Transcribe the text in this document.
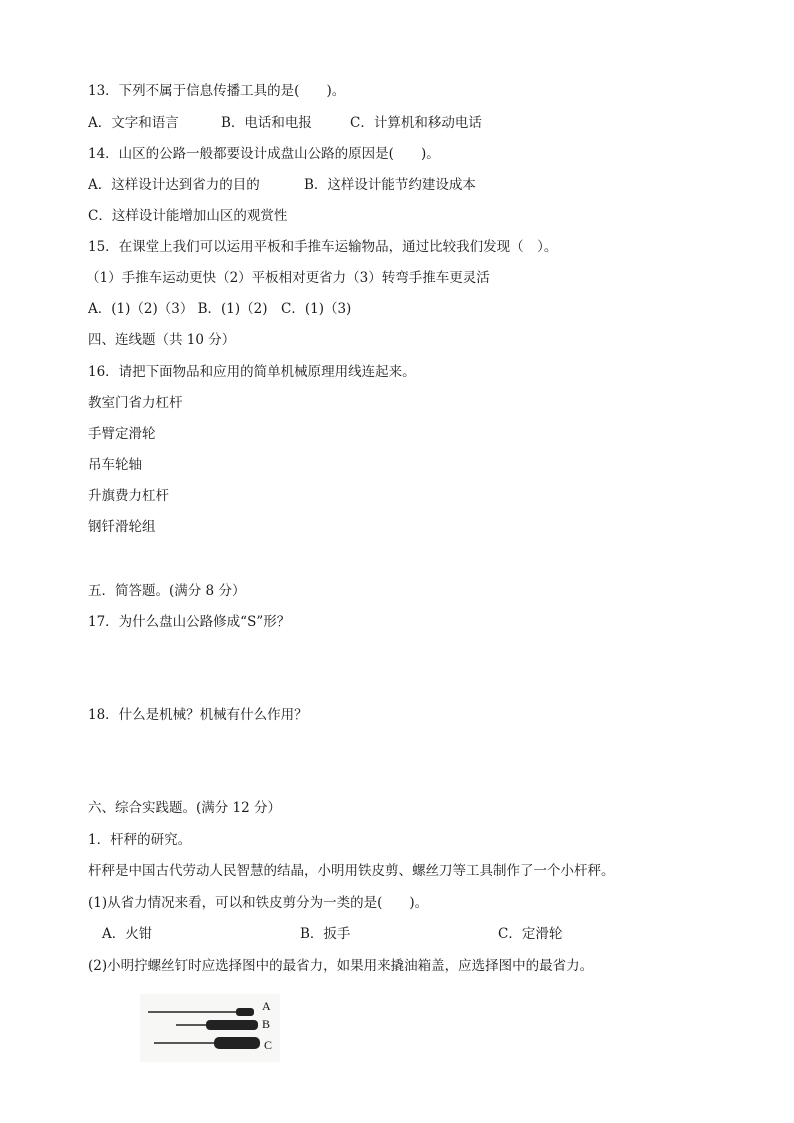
13．下列不属于信息传播工具的是(　　)。
A．文字和语言	B．电话和电报	C．计算机和移动电话
14．山区的公路一般都要设计成盘山公路的原因是(　　)。
A．这样设计达到省力的目的	B．这样设计能节约建设成本
C．这样设计能增加山区的观赏性
15．在课堂上我们可以运用平板和手推车运输物品，通过比较我们发现（　）。
（1）手推车运动更快（2）平板相对更省力（3）转弯手推车更灵活
A．(1)（2)（3） B．(1)（2)　C．(1)（3)
四、连线题（共 10 分）
16．请把下面物品和应用的简单机械原理用线连起来。
教室门省力杠杆
手臂定滑轮
吊车轮轴
升旗费力杠杆
钢钎滑轮组
五．简答题。(满分 8 分）
17．为什么盘山公路修成“S”形？
18．什么是机械？机械有什么作用？
六、综合实践题。(满分 12 分）
1．杆秤的研究。
杆秤是中国古代劳动人民智慧的结晶，小明用铁皮剪、螺丝刀等工具制作了一个小杆秤。
(1)从省力情况来看，可以和铁皮剪分为一类的是(　　)。
A．火钳	B．扳手	C．定滑轮
(2)小明拧螺丝钉时应选择图中的最省力，如果用来撬油箱盖，应选择图中的最省力。
A
B
C
